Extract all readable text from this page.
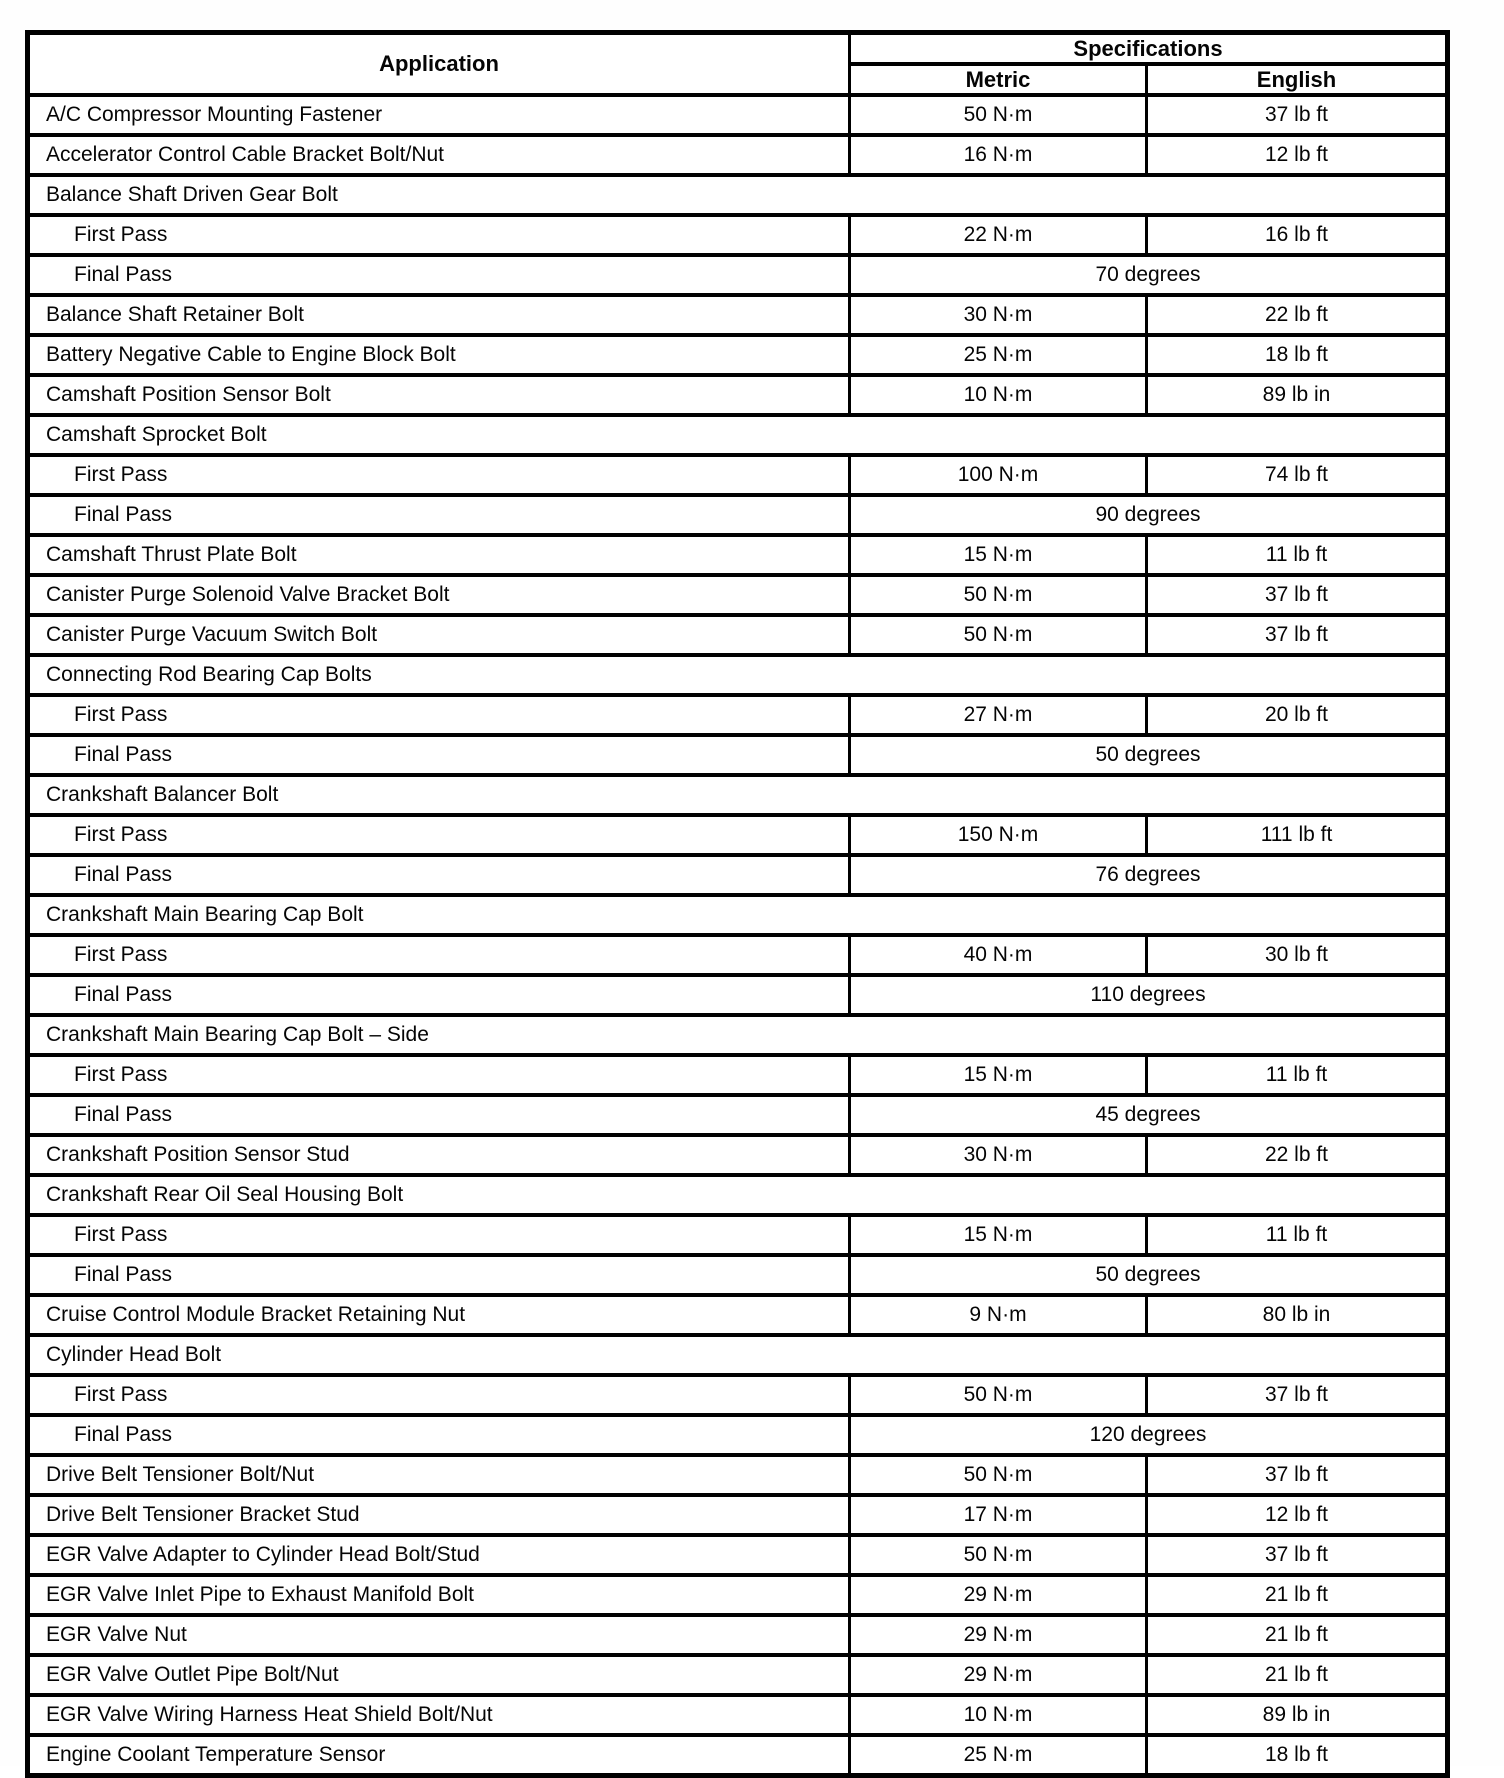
Application	Specifications	
	Metric	English
A/C Compressor Mounting Fastener	50 N·m	37 lb ft
Accelerator Control Cable Bracket Bolt/Nut	16 N·m	12 lb ft
Balance Shaft Driven Gear Bolt		
First Pass	22 N·m	16 lb ft
Final Pass	70 degrees	
Balance Shaft Retainer Bolt	30 N·m	22 lb ft
Battery Negative Cable to Engine Block Bolt	25 N·m	18 lb ft
Camshaft Position Sensor Bolt	10 N·m	89 lb in
Camshaft Sprocket Bolt		
First Pass	100 N·m	74 lb ft
Final Pass	90 degrees	
Camshaft Thrust Plate Bolt	15 N·m	11 lb ft
Canister Purge Solenoid Valve Bracket Bolt	50 N·m	37 lb ft
Canister Purge Vacuum Switch Bolt	50 N·m	37 lb ft
Connecting Rod Bearing Cap Bolts		
First Pass	27 N·m	20 lb ft
Final Pass	50 degrees	
Crankshaft Balancer Bolt		
First Pass	150 N·m	111 lb ft
Final Pass	76 degrees	
Crankshaft Main Bearing Cap Bolt		
First Pass	40 N·m	30 lb ft
Final Pass	110 degrees	
Crankshaft Main Bearing Cap Bolt – Side		
First Pass	15 N·m	11 lb ft
Final Pass	45 degrees	
Crankshaft Position Sensor Stud	30 N·m	22 lb ft
Crankshaft Rear Oil Seal Housing Bolt		
First Pass	15 N·m	11 lb ft
Final Pass	50 degrees	
Cruise Control Module Bracket Retaining Nut	9 N·m	80 lb in
Cylinder Head Bolt		
First Pass	50 N·m	37 lb ft
Final Pass	120 degrees	
Drive Belt Tensioner Bolt/Nut	50 N·m	37 lb ft
Drive Belt Tensioner Bracket Stud	17 N·m	12 lb ft
EGR Valve Adapter to Cylinder Head Bolt/Stud	50 N·m	37 lb ft
EGR Valve Inlet Pipe to Exhaust Manifold Bolt	29 N·m	21 lb ft
EGR Valve Nut	29 N·m	21 lb ft
EGR Valve Outlet Pipe Bolt/Nut	29 N·m	21 lb ft
EGR Valve Wiring Harness Heat Shield Bolt/Nut	10 N·m	89 lb in
Engine Coolant Temperature Sensor	25 N·m	18 lb ft
